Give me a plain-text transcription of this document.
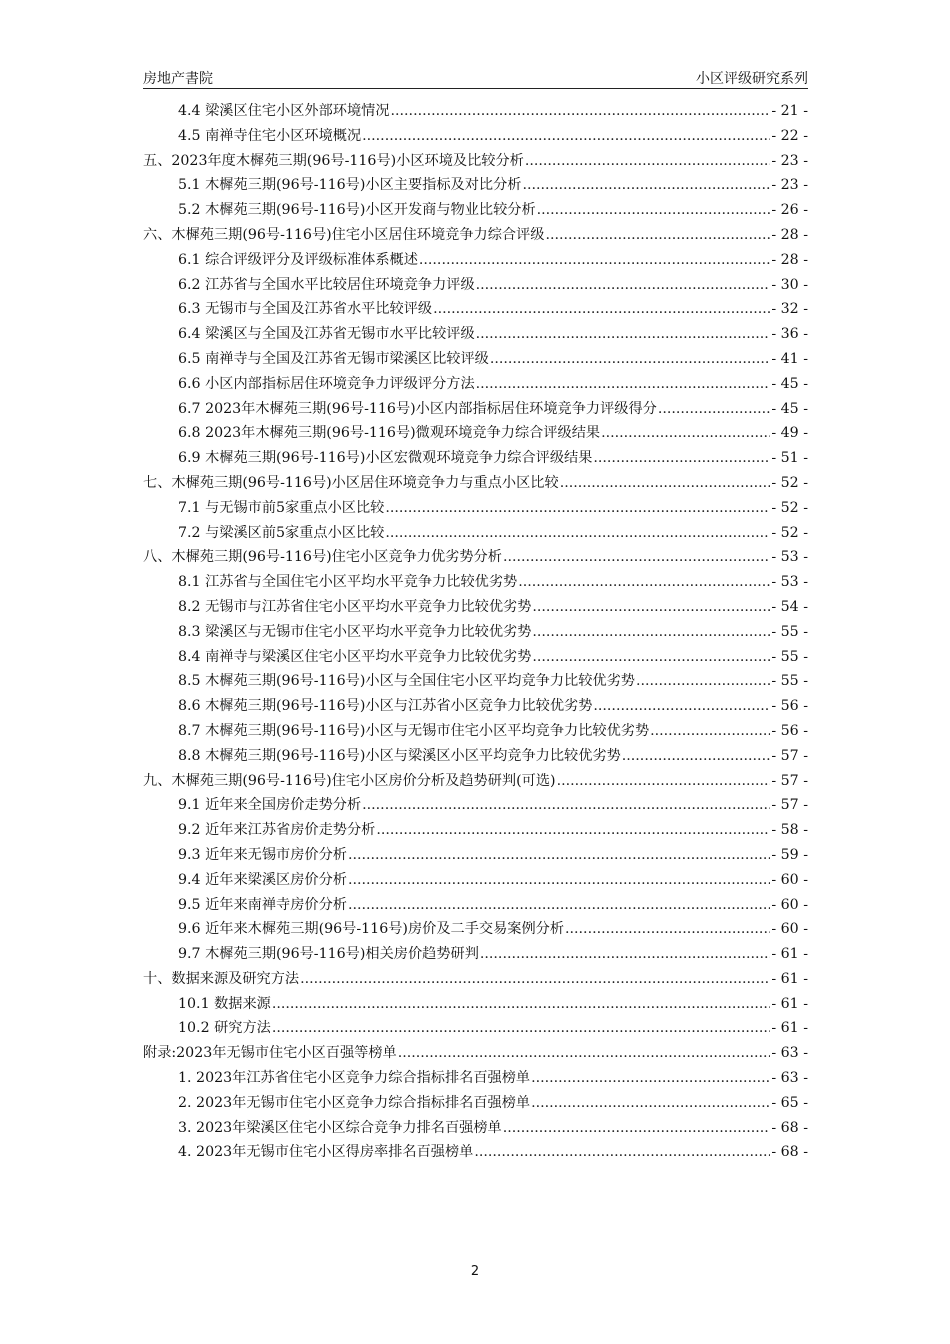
房地产書院	小区评级研究系列
4.4 梁溪区住宅小区外部环境情况 .....	- 21 -
4.5 南禅寺住宅小区环境概况 .....	- 22 -
五、2023年度木樨苑三期(96号-116号)小区环境及比较分析 .....	- 23 -
5.1 木樨苑三期(96号-116号)小区主要指标及对比分析 .....	- 23 -
5.2 木樨苑三期(96号-116号)小区开发商与物业比较分析 .....	- 26 -
六、木樨苑三期(96号-116号)住宅小区居住环境竞争力综合评级 .....	- 28 -
6.1 综合评级评分及评级标准体系概述 .....	- 28 -
6.2 江苏省与全国水平比较居住环境竞争力评级 .....	- 30 -
6.3 无锡市与全国及江苏省水平比较评级 .....	- 32 -
6.4 梁溪区与全国及江苏省无锡市水平比较评级 .....	- 36 -
6.5 南禅寺与全国及江苏省无锡市梁溪区比较评级 .....	- 41 -
6.6 小区内部指标居住环境竞争力评级评分方法 .....	- 45 -
6.7 2023年木樨苑三期(96号-116号)小区内部指标居住环境竞争力评级得分 .....	- 45 -
6.8 2023年木樨苑三期(96号-116号)微观环境竞争力综合评级结果 .....	- 49 -
6.9 木樨苑三期(96号-116号)小区宏微观环境竞争力综合评级结果 .....	- 51 -
七、木樨苑三期(96号-116号)小区居住环境竞争力与重点小区比较 .....	- 52 -
7.1 与无锡市前5家重点小区比较 .....	- 52 -
7.2 与梁溪区前5家重点小区比较 .....	- 52 -
八、木樨苑三期(96号-116号)住宅小区竞争力优劣势分析 .....	- 53 -
8.1 江苏省与全国住宅小区平均水平竞争力比较优劣势 .....	- 53 -
8.2 无锡市与江苏省住宅小区平均水平竞争力比较优劣势 .....	- 54 -
8.3 梁溪区与无锡市住宅小区平均水平竞争力比较优劣势 .....	- 55 -
8.4 南禅寺与梁溪区住宅小区平均水平竞争力比较优劣势 .....	- 55 -
8.5 木樨苑三期(96号-116号)小区与全国住宅小区平均竞争力比较优劣势 .....	- 55 -
8.6 木樨苑三期(96号-116号)小区与江苏省小区竞争力比较优劣势 .....	- 56 -
8.7 木樨苑三期(96号-116号)小区与无锡市住宅小区平均竞争力比较优劣势 .....	- 56 -
8.8 木樨苑三期(96号-116号)小区与梁溪区小区平均竞争力比较优劣势 .....	- 57 -
九、木樨苑三期(96号-116号)住宅小区房价分析及趋势研判(可选) .....	- 57 -
9.1 近年来全国房价走势分析 .....	- 57 -
9.2 近年来江苏省房价走势分析 .....	- 58 -
9.3 近年来无锡市房价分析 .....	- 59 -
9.4 近年来梁溪区房价分析 .....	- 60 -
9.5 近年来南禅寺房价分析 .....	- 60 -
9.6 近年来木樨苑三期(96号-116号)房价及二手交易案例分析 .....	- 60 -
9.7 木樨苑三期(96号-116号)相关房价趋势研判 .....	- 61 -
十、数据来源及研究方法 .....	- 61 -
10.1 数据来源 .....	- 61 -
10.2 研究方法 .....	- 61 -
附录:2023年无锡市住宅小区百强等榜单 .....	- 63 -
1. 2023年江苏省住宅小区竞争力综合指标排名百强榜单 .....	- 63 -
2. 2023年无锡市住宅小区竞争力综合指标排名百强榜单 .....	- 65 -
3. 2023年梁溪区住宅小区综合竞争力排名百强榜单 .....	- 68 -
4. 2023年无锡市住宅小区得房率排名百强榜单 .....	- 68 -
2
